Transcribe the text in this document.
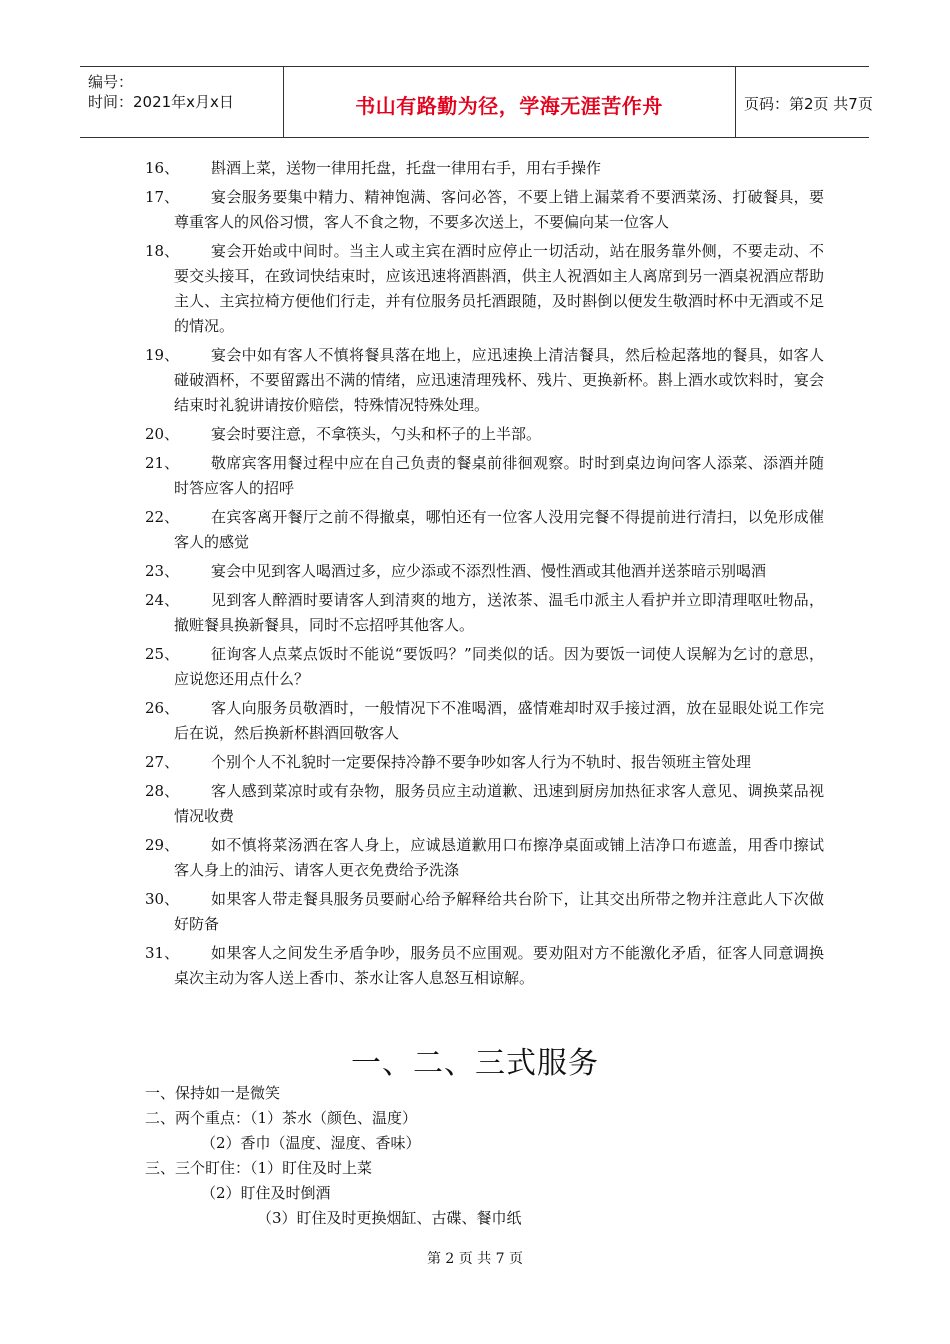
编号：
时间：2021年x月x日	书山有路勤为径，学海无涯苦作舟	页码：第2页 共7页
16、	斟酒上菜，送物一律用托盘，托盘一律用右手，用右手操作
17、	宴会服务要集中精力、精神饱满、客问必答，不要上错上漏菜肴不要洒菜汤、打破餐具，要尊重客人的风俗习惯，客人不食之物，不要多次送上，不要偏向某一位客人
18、	宴会开始或中间时。当主人或主宾在酒时应停止一切活动，站在服务靠外侧，不要走动、不要交头接耳，在致词快结束时，应该迅速将酒斟酒，供主人祝酒如主人离席到另一酒桌祝酒应帮助主人、主宾拉椅方便他们行走，并有位服务员托酒跟随，及时斟倒以便发生敬酒时杯中无酒或不足的情况。
19、	宴会中如有客人不慎将餐具落在地上，应迅速换上清洁餐具，然后检起落地的餐具，如客人碰破酒杯，不要留露出不满的情绪，应迅速清理残杯、残片、更换新杯。斟上酒水或饮料时，宴会结束时礼貌讲请按价赔偿，特殊情况特殊处理。
20、	宴会时要注意，不拿筷头，勺头和杯子的上半部。
21、	敬席宾客用餐过程中应在自己负责的餐桌前徘徊观察。时时到桌边询问客人添菜、添酒并随时答应客人的招呼
22、	在宾客离开餐厅之前不得撤桌，哪怕还有一位客人没用完餐不得提前进行清扫，以免形成催客人的感觉
23、	宴会中见到客人喝酒过多，应少添或不添烈性酒、慢性酒或其他酒并送茶暗示别喝酒
24、	见到客人醉酒时要请客人到清爽的地方，送浓茶、温毛巾派主人看护并立即清理呕吐物品，撤赃餐具换新餐具，同时不忘招呼其他客人。
25、	征询客人点菜点饭时不能说“要饭吗？”同类似的话。因为要饭一词使人误解为乞讨的意思，应说您还用点什么？
26、	客人向服务员敬酒时，一般情况下不准喝酒，盛情难却时双手接过酒，放在显眼处说工作完后在说，然后换新杯斟酒回敬客人
27、	个别个人不礼貌时一定要保持冷静不要争吵如客人行为不轨时、报告领班主管处理
28、	客人感到菜凉时或有杂物，服务员应主动道歉、迅速到厨房加热征求客人意见、调换菜品视情况收费
29、	如不慎将菜汤洒在客人身上，应诚恳道歉用口布擦净桌面或铺上洁净口布遮盖，用香巾擦试客人身上的油污、请客人更衣免费给予洗涤
30、	如果客人带走餐具服务员要耐心给予解释给共台阶下，让其交出所带之物并注意此人下次做好防备
31、	如果客人之间发生矛盾争吵，服务员不应围观。要劝阻对方不能激化矛盾，征客人同意调换桌次主动为客人送上香巾、茶水让客人息怒互相谅解。
一、二、三式服务
一、保持如一是微笑
二、两个重点：（1）茶水（颜色、温度）
（2）香巾（温度、湿度、香味）
三、三个盯住：（1）盯住及时上菜
（2）盯住及时倒酒
（3）盯住及时更换烟缸、古碟、餐巾纸
第 2 页 共 7 页
